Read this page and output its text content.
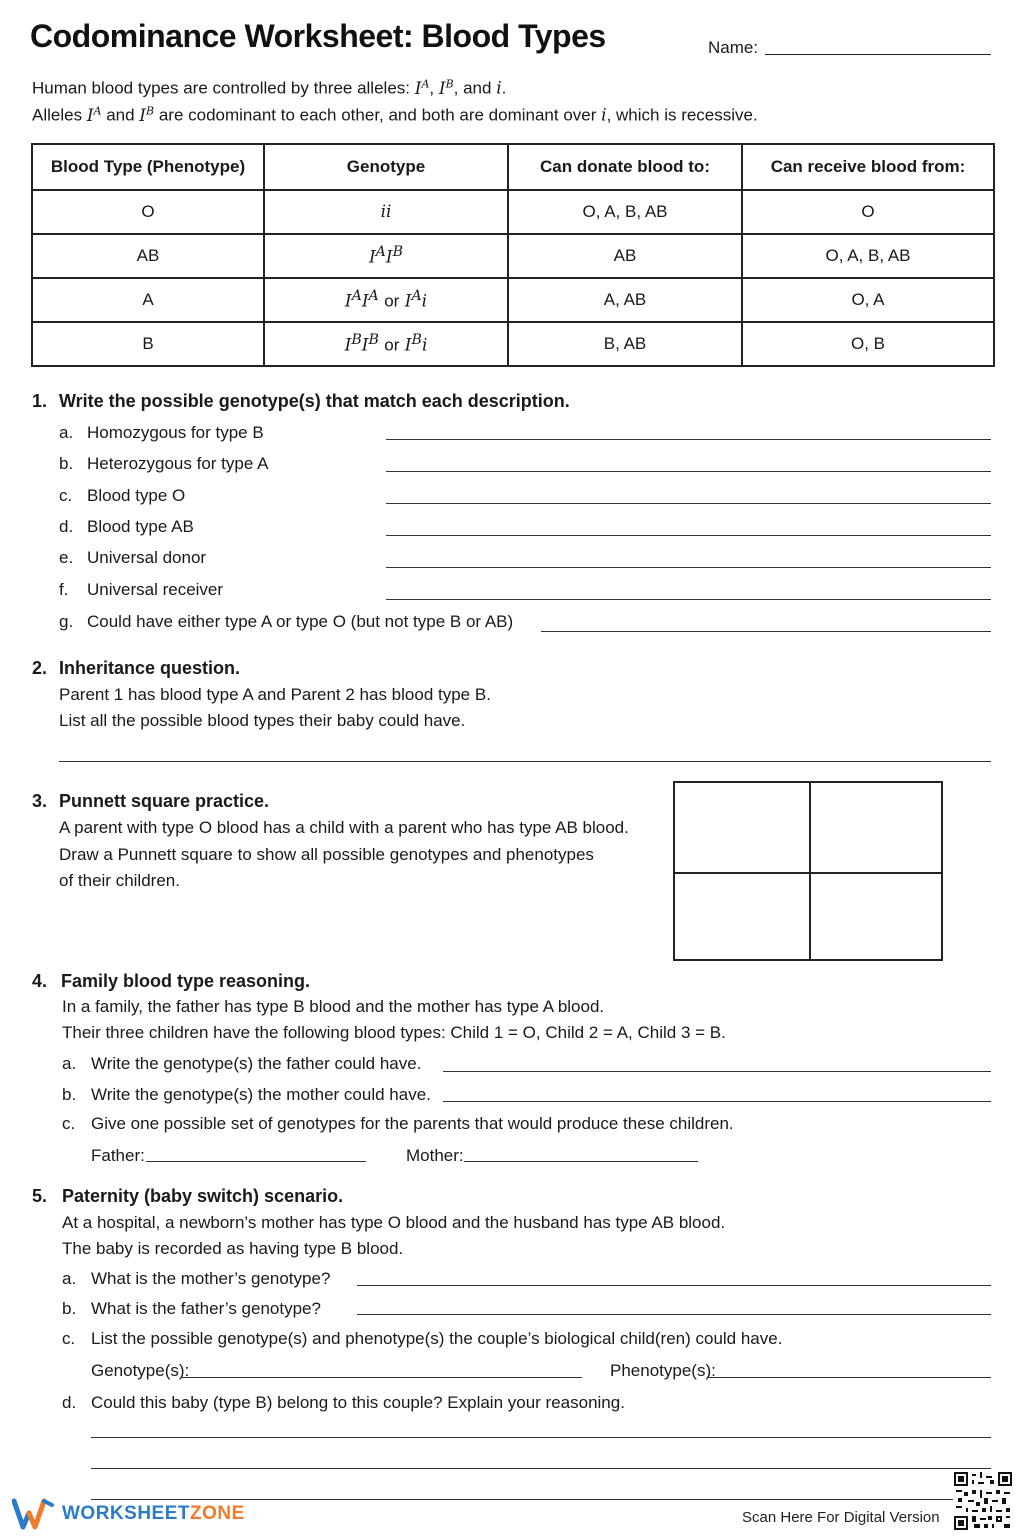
Codominance Worksheet: Blood Types	Name:
Human blood types are controlled by three alleles: $I^A$, $I^B$, and i.
Alleles $I^A$ and $I^B$ are codominant to each other, and both are dominant over i, which is recessive.
Blood Type (Phenotype)	Genotype	Can donate blood to:	Can receive blood from:
O	ii	O, A, B, AB	O
AB	$I^AI^B$	AB	O, A, B, AB
A	$I^AI^A$ or $I^Ai$	A, AB	O, A
B	$I^BI^B$ or $I^Bi$	B, AB	O, B
1. Write the possible genotype(s) that match each description.
a. Homozygous for type B
b. Heterozygous for type A
c. Blood type O
d. Blood type AB
e. Universal donor
f. Universal receiver
g. Could have either type A or type O (but not type B or AB)
2. Inheritance question.
Parent 1 has blood type A and Parent 2 has blood type B.
List all the possible blood types their baby could have.
3. Punnett square practice.
A parent with type O blood has a child with a parent who has type AB blood.
Draw a Punnett square to show all possible genotypes and phenotypes
of their children.
4. Family blood type reasoning.
In a family, the father has type B blood and the mother has type A blood.
Their three children have the following blood types: Child 1 = O, Child 2 = A, Child 3 = B.
a. Write the genotype(s) the father could have.
b. Write the genotype(s) the mother could have.
c. Give one possible set of genotypes for the parents that would produce these children.
Father:	Mother:
5. Paternity (baby switch) scenario.
At a hospital, a newborn’s mother has type O blood and the husband has type AB blood.
The baby is recorded as having type B blood.
a. What is the mother’s genotype?
b. What is the father’s genotype?
c. List the possible genotype(s) and phenotype(s) the couple’s biological child(ren) could have.
Genotype(s):	Phenotype(s):
d. Could this baby (type B) belong to this couple? Explain your reasoning.
WORKSHEETZONE	Scan Here For Digital Version
